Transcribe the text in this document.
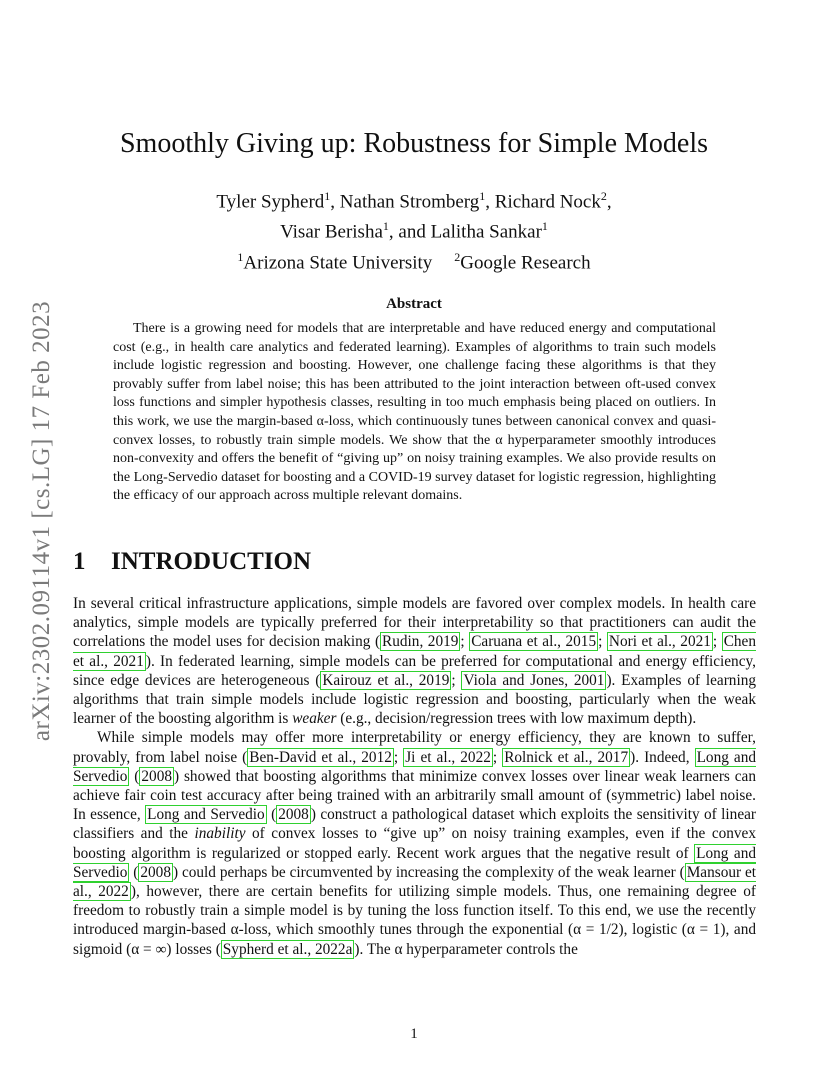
arXiv:2302.09114v1 [cs.LG] 17 Feb 2023
Smoothly Giving up: Robustness for Simple Models
Tyler Sypherd$^1$, Nathan Stromberg$^1$, Richard Nock$^2$,
Visar Berisha$^1$, and Lalitha Sankar$^1$
$^1$Arizona State University $^2$Google Research
Abstract

There is a growing need for models that are interpretable and have reduced energy and computational cost (e.g., in health care analytics and federated learning). Examples of algorithms to train such models include logistic regression and boosting. However, one challenge facing these algorithms is that they provably suffer from label noise; this has been attributed to the joint interaction between oft-used convex loss functions and simpler hypothesis classes, resulting in too much emphasis being placed on outliers. In this work, we use the margin-based α-loss, which continuously tunes between canonical convex and quasi-convex losses, to robustly train simple models. We show that the α hyperparameter smoothly introduces non-convexity and offers the benefit of “giving up” on noisy training examples. We also provide results on the Long-Servedio dataset for boosting and a COVID-19 survey dataset for logistic regression, highlighting the efficacy of our approach across multiple relevant domains.

1 INTRODUCTION

In several critical infrastructure applications, simple models are favored over complex models. In health care analytics, simple models are typically preferred for their interpretability so that practitioners can audit the correlations the model uses for decision making ( Rudin, 2019 ; Caruana et al., 2015 ; Nori et al., 2021 ; Chen et al., 2021 ). In federated learning, simple models can be preferred for computational and energy efficiency, since edge devices are heterogeneous ( Kairouz et al., 2019 ; Viola and Jones, 2001 ). Examples of learning algorithms that train simple models include logistic regression and boosting, particularly when the weak learner of the boosting algorithm is weaker (e.g., decision/regression trees with low maximum depth).

While simple models may offer more interpretability or energy efficiency, they are known to suffer, provably, from label noise ( Ben-David et al., 2012 ; Ji et al., 2022 ; Rolnick et al., 2017 ). Indeed, Long and Servedio ( 2008 ) showed that boosting algorithms that minimize convex losses over linear weak learners can achieve fair coin test accuracy after being trained with an arbitrarily small amount of (symmetric) label noise. In essence, Long and Servedio ( 2008 ) construct a pathological dataset which exploits the sensitivity of linear classifiers and the inability of convex losses to “give up” on noisy training examples, even if the convex boosting algorithm is regularized or stopped early. Recent work argues that the negative result of Long and Servedio ( 2008 ) could perhaps be circumvented by increasing the complexity of the weak learner ( Mansour et al., 2022 ), however, there are certain benefits for utilizing simple models. Thus, one remaining degree of freedom to robustly train a simple model is by tuning the loss function itself. To this end, we use the recently introduced margin-based α-loss, which smoothly tunes through the exponential (α = 1/2), logistic (α = 1), and sigmoid (α = ∞) losses ( Sypherd et al., 2022a ). The α hyperparameter controls the

1
